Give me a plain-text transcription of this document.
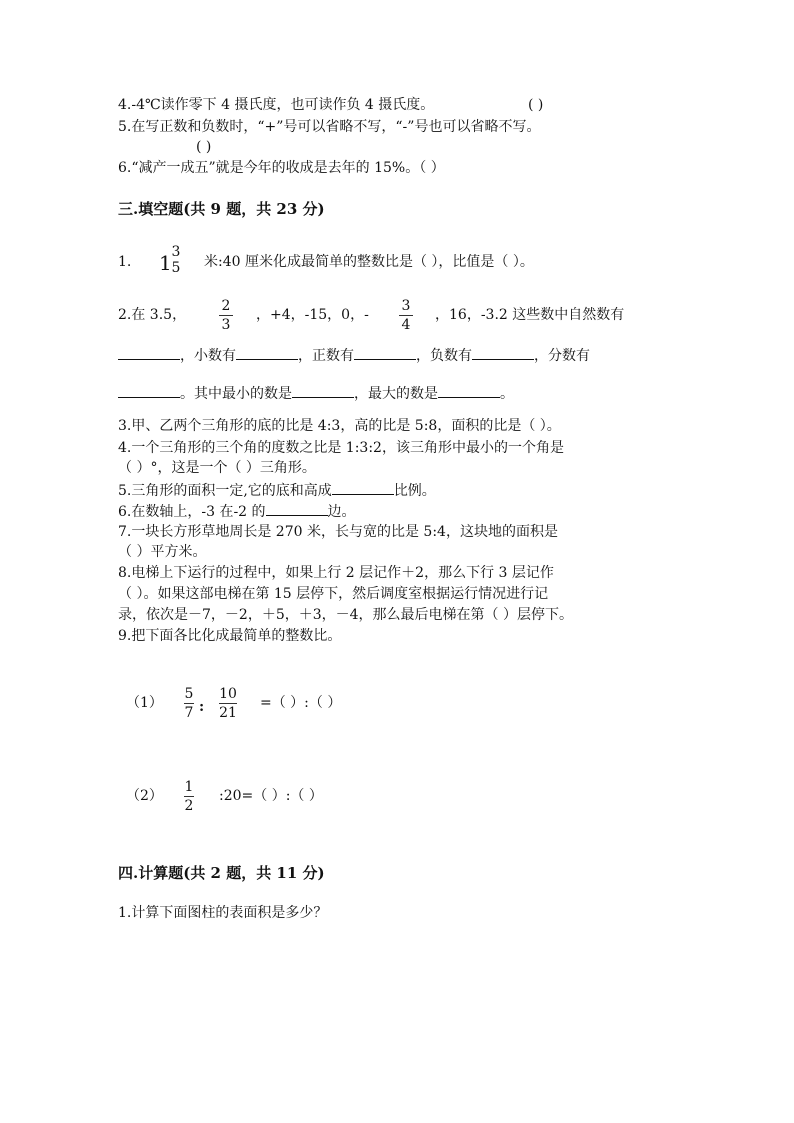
4.-4℃读作零下 4 摄氏度，也可读作负 4 摄氏度。	( )
5.在写正数和负数时，“+”号可以省略不写，“-”号也可以省略不写。
( )
6.“减产一成五”就是今年的收成是去年的 15%。（ ）
三.填空题(共 9 题，共 23 分)
1. 1 3
5 米:40 厘米化成最简单的整数比是（ ），比值是（ ）。
2.在 3.5，
2
3
，+4，-15，0，-
3
4
，16，-3.2 这些数中自然数有
，小数有	，正数有	，负数有	，分数有
。其中最小的数是	，最大的数是	。
3.甲、乙两个三角形的底的比是 4:3，高的比是 5:8，面积的比是（ ）。
4.一个三角形的三个角的度数之比是 1:3:2，该三角形中最小的一个角是
（ ）°，这是一个（ ）三角形。
5.三角形的面积一定,它的底和高成	比例。
6.在数轴上，-3 在-2 的	边。
7.一块长方形草地周长是 270 米，长与宽的比是 5:4，这块地的面积是
（ ）平方米。
8.电梯上下运行的过程中，如果上行 2 层记作＋2，那么下行 3 层记作
（ ）。如果这部电梯在第 15 层停下，然后调度室根据运行情况进行记
录，依次是－7，－2，＋5，＋3，－4，那么最后电梯在第（ ）层停下。
9.把下面各比化成最简单的整数比。
（1）
5
7 :
10
21
=（ ）:（ ）
（2）
1
2
:20=（ ）:（ ）
四.计算题(共 2 题，共 11 分)
1.计算下面图柱的表面积是多少？
